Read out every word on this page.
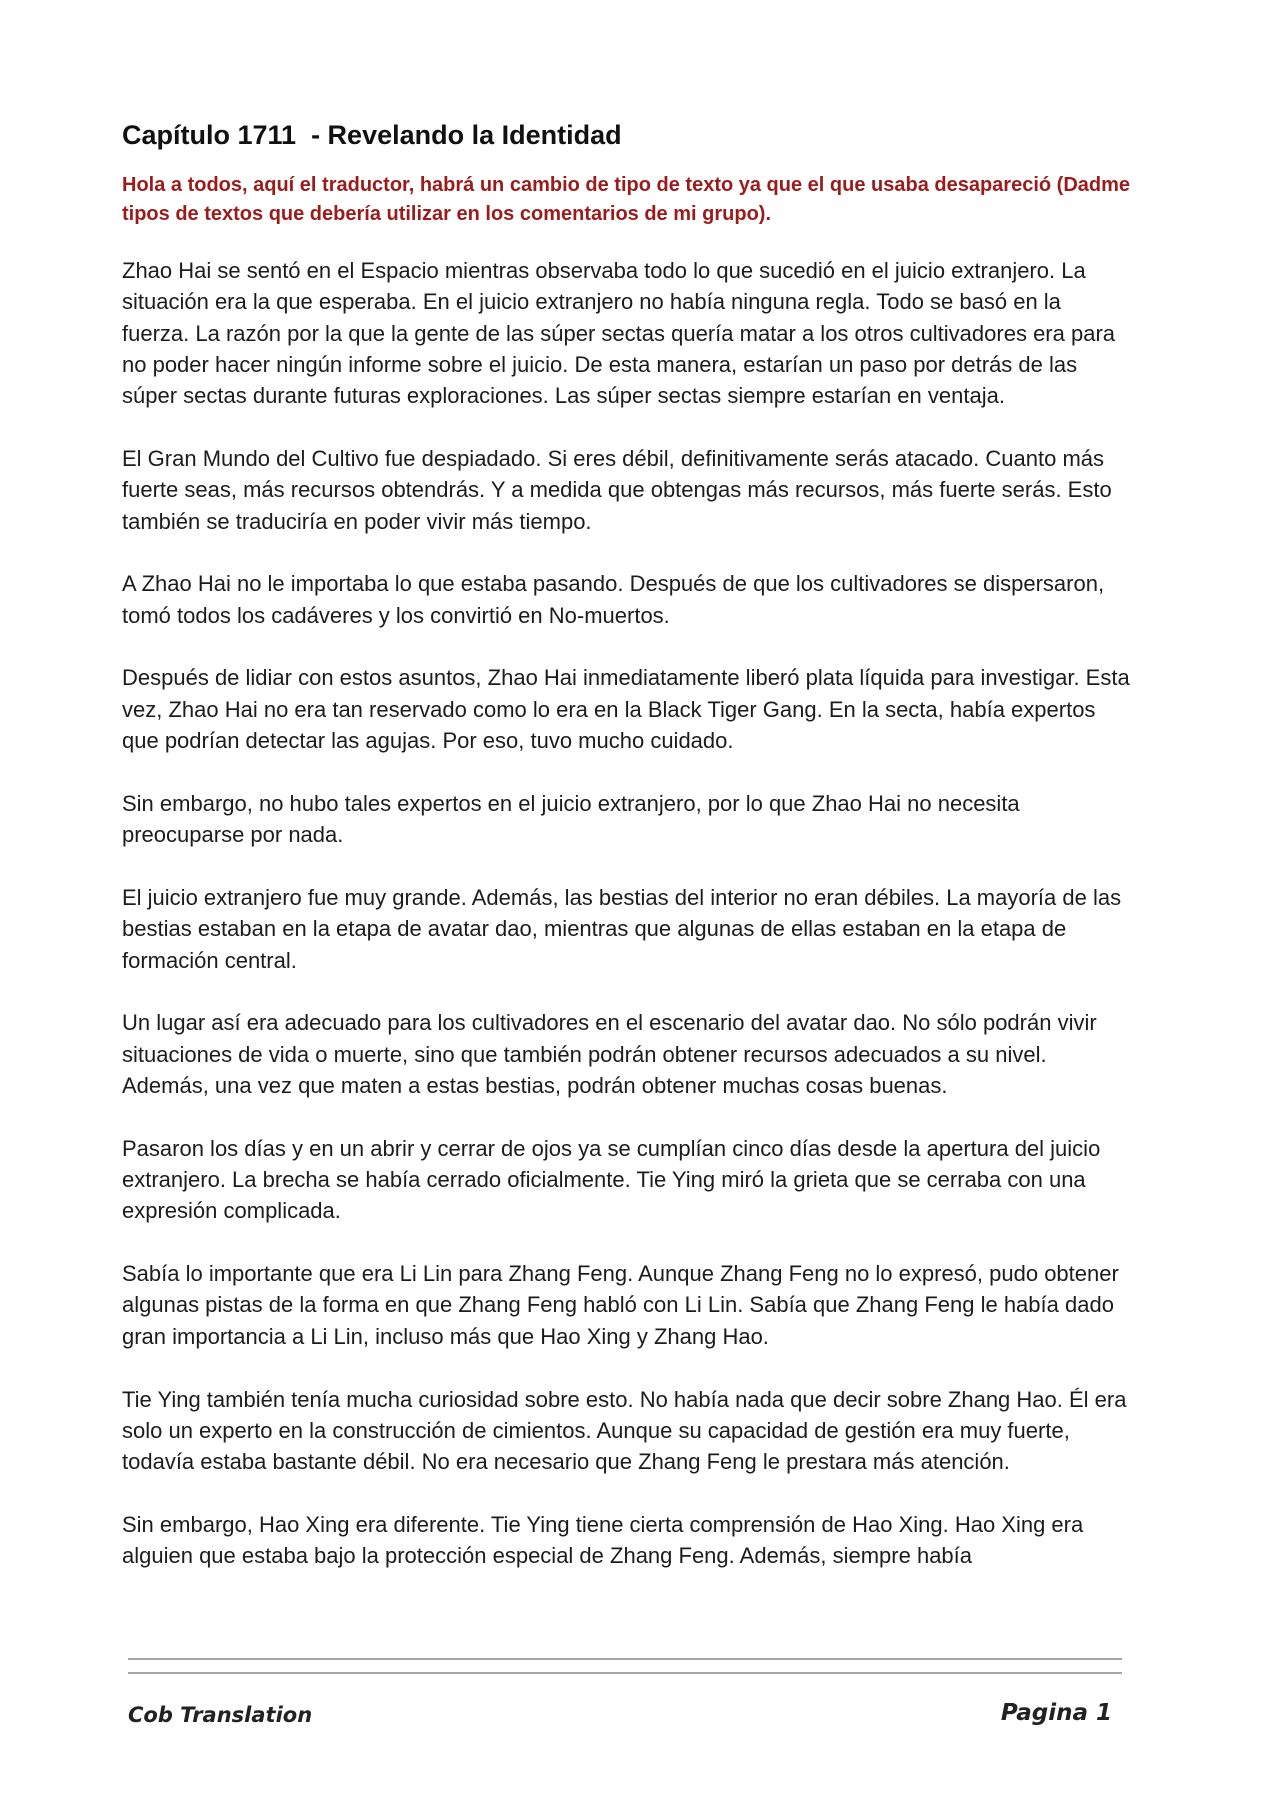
Capítulo 1711  - Revelando la Identidad

Hola a todos, aquí el traductor, habrá un cambio de tipo de texto ya que el que usaba desapareció (Dadme tipos de textos que debería utilizar en los comentarios de mi grupo).

Zhao Hai se sentó en el Espacio mientras observaba todo lo que sucedió en el juicio extranjero. La situación era la que esperaba. En el juicio extranjero no había ninguna regla. Todo se basó en la fuerza. La razón por la que la gente de las súper sectas quería matar a los otros cultivadores era para no poder hacer ningún informe sobre el juicio. De esta manera, estarían un paso por detrás de las súper sectas durante futuras exploraciones. Las súper sectas siempre estarían en ventaja.

El Gran Mundo del Cultivo fue despiadado. Si eres débil, definitivamente serás atacado. Cuanto más fuerte seas, más recursos obtendrás. Y a medida que obtengas más recursos, más fuerte serás. Esto también se traduciría en poder vivir más tiempo.

A Zhao Hai no le importaba lo que estaba pasando. Después de que los cultivadores se dispersaron, tomó todos los cadáveres y los convirtió en No-muertos.

Después de lidiar con estos asuntos, Zhao Hai inmediatamente liberó plata líquida para investigar. Esta vez, Zhao Hai no era tan reservado como lo era en la Black Tiger Gang. En la secta, había expertos que podrían detectar las agujas. Por eso, tuvo mucho cuidado.

Sin embargo, no hubo tales expertos en el juicio extranjero, por lo que Zhao Hai no necesita preocuparse por nada.

El juicio extranjero fue muy grande. Además, las bestias del interior no eran débiles. La mayoría de las bestias estaban en la etapa de avatar dao, mientras que algunas de ellas estaban en la etapa de formación central.

Un lugar así era adecuado para los cultivadores en el escenario del avatar dao. No sólo podrán vivir situaciones de vida o muerte, sino que también podrán obtener recursos adecuados a su nivel. Además, una vez que maten a estas bestias, podrán obtener muchas cosas buenas.

Pasaron los días y en un abrir y cerrar de ojos ya se cumplían cinco días desde la apertura del juicio extranjero. La brecha se había cerrado oficialmente. Tie Ying miró la grieta que se cerraba con una expresión complicada.

Sabía lo importante que era Li Lin para Zhang Feng. Aunque Zhang Feng no lo expresó, pudo obtener algunas pistas de la forma en que Zhang Feng habló con Li Lin. Sabía que Zhang Feng le había dado gran importancia a Li Lin, incluso más que Hao Xing y Zhang Hao.

Tie Ying también tenía mucha curiosidad sobre esto. No había nada que decir sobre Zhang Hao. Él era solo un experto en la construcción de cimientos. Aunque su capacidad de gestión era muy fuerte, todavía estaba bastante débil. No era necesario que Zhang Feng le prestara más atención.

Sin embargo, Hao Xing era diferente. Tie Ying tiene cierta comprensión de Hao Xing. Hao Xing era alguien que estaba bajo la protección especial de Zhang Feng. Además, siempre había

Cob Translation	Pagina 1
